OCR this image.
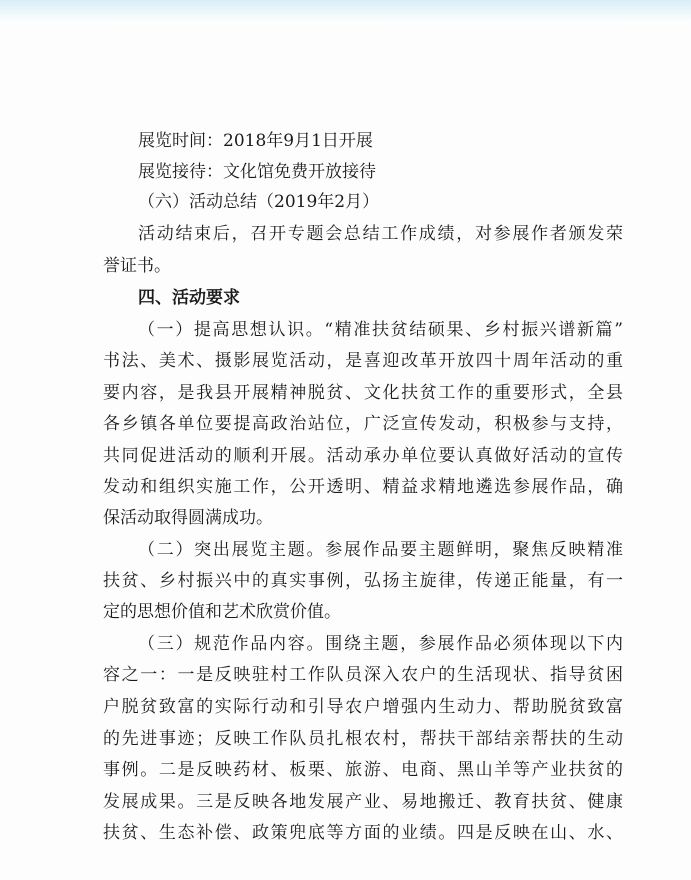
展览时间：2018年9月1日开展
展览接待：文化馆免费开放接待
（六）活动总结（2019年2月）
活动结束后，召开专题会总结工作成绩，对参展作者颁发荣
誉证书。
四、活动要求
（一）提高思想认识。“精准扶贫结硕果、乡村振兴谱新篇”
书法、美术、摄影展览活动，是喜迎改革开放四十周年活动的重
要内容，是我县开展精神脱贫、文化扶贫工作的重要形式，全县
各乡镇各单位要提高政治站位，广泛宣传发动，积极参与支持，
共同促进活动的顺利开展。活动承办单位要认真做好活动的宣传
发动和组织实施工作，公开透明、精益求精地遴选参展作品，确
保活动取得圆满成功。
（二）突出展览主题。参展作品要主题鲜明，聚焦反映精准
扶贫、乡村振兴中的真实事例，弘扬主旋律，传递正能量，有一
定的思想价值和艺术欣赏价值。
（三）规范作品内容。围绕主题，参展作品必须体现以下内
容之一：一是反映驻村工作队员深入农户的生活现状、指导贫困
户脱贫致富的实际行动和引导农户增强内生动力、帮助脱贫致富
的先进事迹；反映工作队员扎根农村，帮扶干部结亲帮扶的生动
事例。二是反映药材、板栗、旅游、电商、黑山羊等产业扶贫的
发展成果。三是反映各地发展产业、易地搬迁、教育扶贫、健康
扶贫、生态补偿、政策兜底等方面的业绩。四是反映在山、水、
